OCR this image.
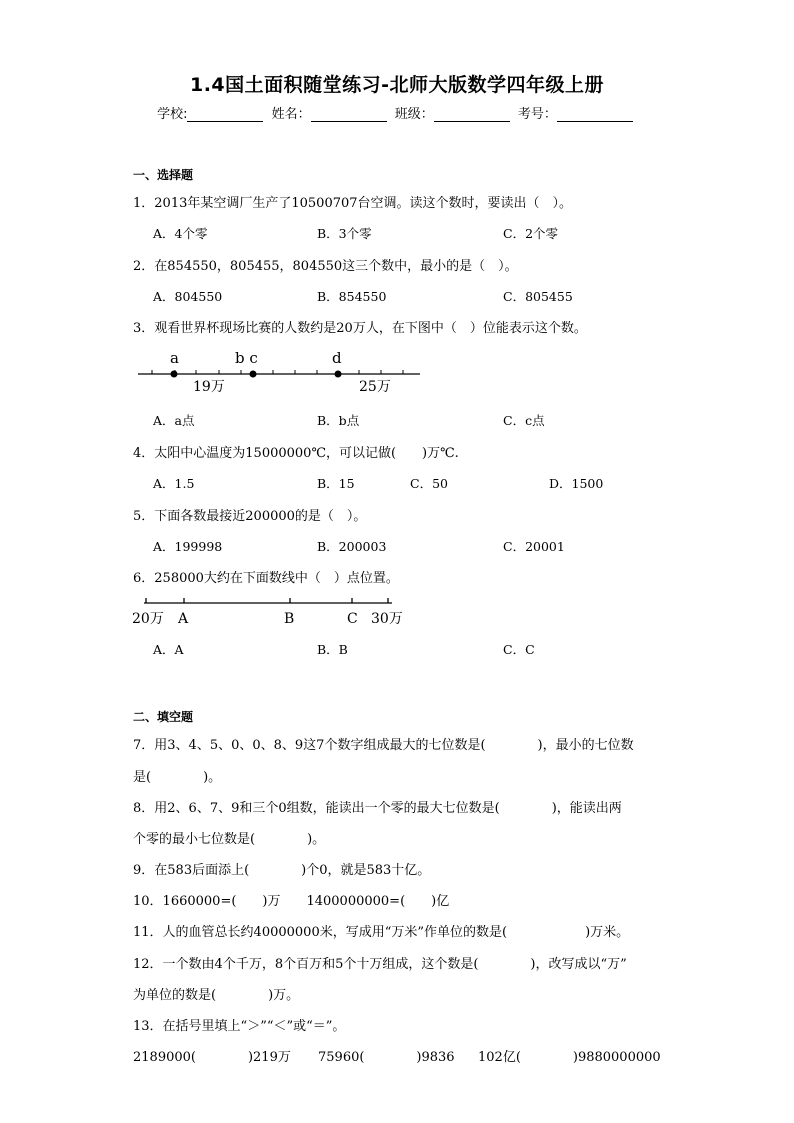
1.4国土面积随堂练习-北师大版数学四年级上册
学校:	姓名：	班级：	考号：
一、选择题
1．2013年某空调厂生产了10500707台空调。读这个数时，要读出（　）。
A．4个零	B．3个零	C．2个零
2．在854550，805455，804550这三个数中，最小的是（　）。
A．804550	B．854550	C．805455
3．观看世界杯现场比赛的人数约是20万人，在下图中（　）位能表示这个数。
a	b c	d
19万	25万
A．a点	B．b点	C．c点
4．太阳中心温度为15000000℃，可以记做(　　)万℃.
A．1.5	B．15	C．50	D．1500
5．下面各数最接近200000的是（　）。
A．199998	B．200003	C．20001
6．258000大约在下面数线中（　）点位置。
20万 A	B	C 30万
A．A	B．B	C．C
二、填空题
7．用3、4、5、0、0、8、9这7个数字组成最大的七位数是(　　　　)，最小的七位数
是(　　　　)。
8．用2、6、7、9和三个0组数，能读出一个零的最大七位数是(　　　　)，能读出两
个零的最小七位数是(　　　　)。
9．在583后面添上(　　　　)个0，就是583十亿。
10．1660000=(　　)万　　1400000000=(　　)亿
11．人的血管总长约40000000米，写成用“万米”作单位的数是(　　　　　　)万米。
12．一个数由4个千万，8个百万和5个十万组成，这个数是(　　　　)，改写成以“万”
为单位的数是(　　　　)万。
13．在括号里填上“＞”“＜”或“＝”。
2189000(　　　　)219万 75960(　　　　)9836 102亿(　　　　)9880000000
